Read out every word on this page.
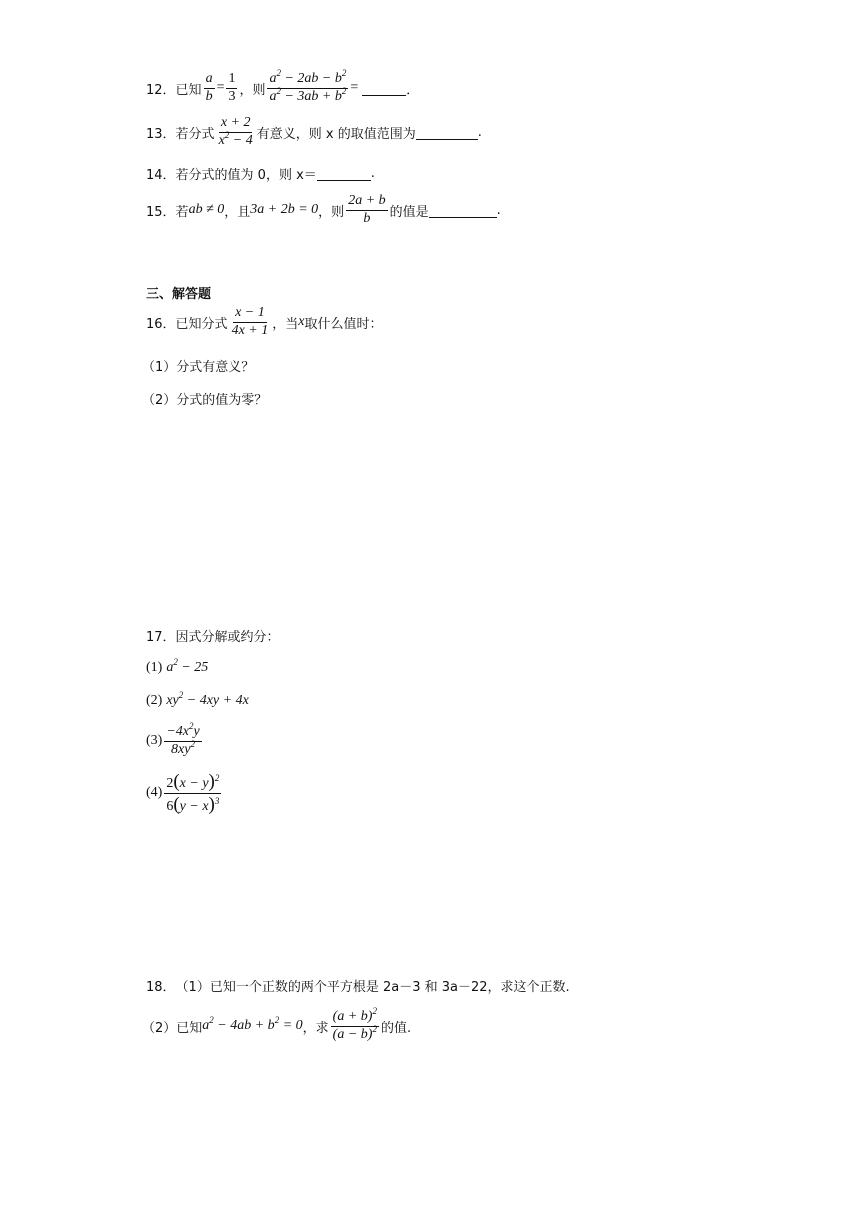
12． 已知 $\frac{a}{b} = \frac{1}{3}$ ，则 $\frac{a^2 - 2ab - b^2}{a^2 - 3ab + b^2}$ =	．
13． 若分式 $\frac{x + 2}{x^2 - 4}$ 有意义，则 x 的取值范围为	.
14． 若分式的值为 0，则 x＝	.
15． 若 ab ≠ 0 ，且 3a + 2b = 0 ，则 $\frac{2a + b}{b}$ 的值是	.
三、解答题
16． 已知分式 $\frac{x - 1}{4x + 1}$ ，当 x 取什么值时：
（1）分式有意义？
（2）分式的值为零？
17． 因式分解或约分：
(1) $a^2 - 25$
(2) $xy^2 - 4xy + 4x$
$(3) \frac{-4x^2y}{8xy^2}$
$(4) \frac{2(x - y)^2}{6(y - x)^3}$
18． （1）已知一个正数的两个平方根是 2a－3 和 3a－22，求这个正数.
（2）已知 $a^2 - 4ab + b^2 = 0$ ，求 $\frac{(a + b)^2}{(a - b)^2}$ 的值.
